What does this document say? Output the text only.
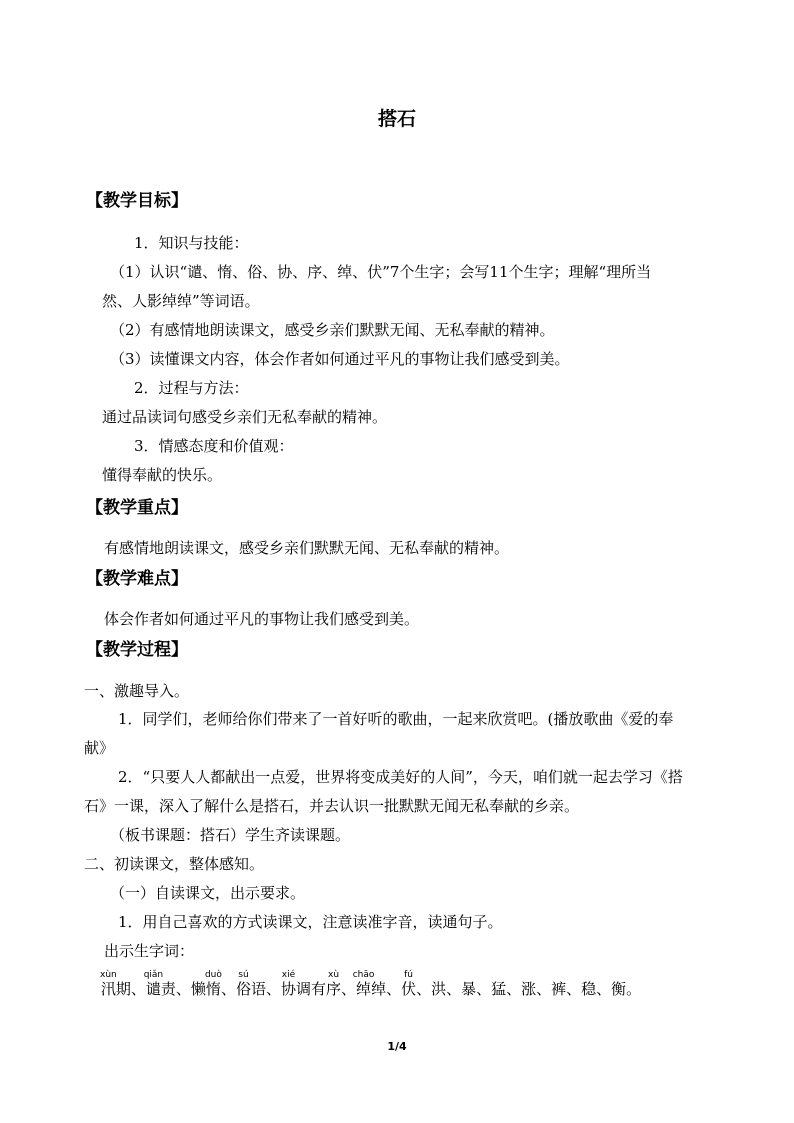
搭石
【教学目标】
1．知识与技能：
（1）认识“谴、惰、俗、协、序、绰、伏”7个生字；会写11个生字；理解“理所当
然、人影绰绰”等词语。
（2）有感情地朗读课文，感受乡亲们默默无闻、无私奉献的精神。
（3）读懂课文内容，体会作者如何通过平凡的事物让我们感受到美。
2．过程与方法：
通过品读词句感受乡亲们无私奉献的精神。
3．情感态度和价值观：
懂得奉献的快乐。
【教学重点】
有感情地朗读课文，感受乡亲们默默无闻、无私奉献的精神。
【教学难点】
体会作者如何通过平凡的事物让我们感受到美。
【教学过程】
一、激趣导入。
1．同学们，老师给你们带来了一首好听的歌曲，一起来欣赏吧。(播放歌曲《爱的奉
献》
2．“只要人人都献出一点爱，世界将变成美好的人间”，今天，咱们就一起去学习《搭
石》一课，深入了解什么是搭石，并去认识一批默默无闻无私奉献的乡亲。
（板书课题：搭石）学生齐读课题。
二、初读课文，整体感知。
（一）自读课文，出示要求。
1．用自己喜欢的方式读课文，注意读准字音，读通句子。
出示生字词：
汛xùn期、谴qiǎn责、懒惰duò、俗sú语、协xié调有序xù、绰chāo绰、伏fú、洪、暴、猛、涨、裤、稳、衡。
1/4
